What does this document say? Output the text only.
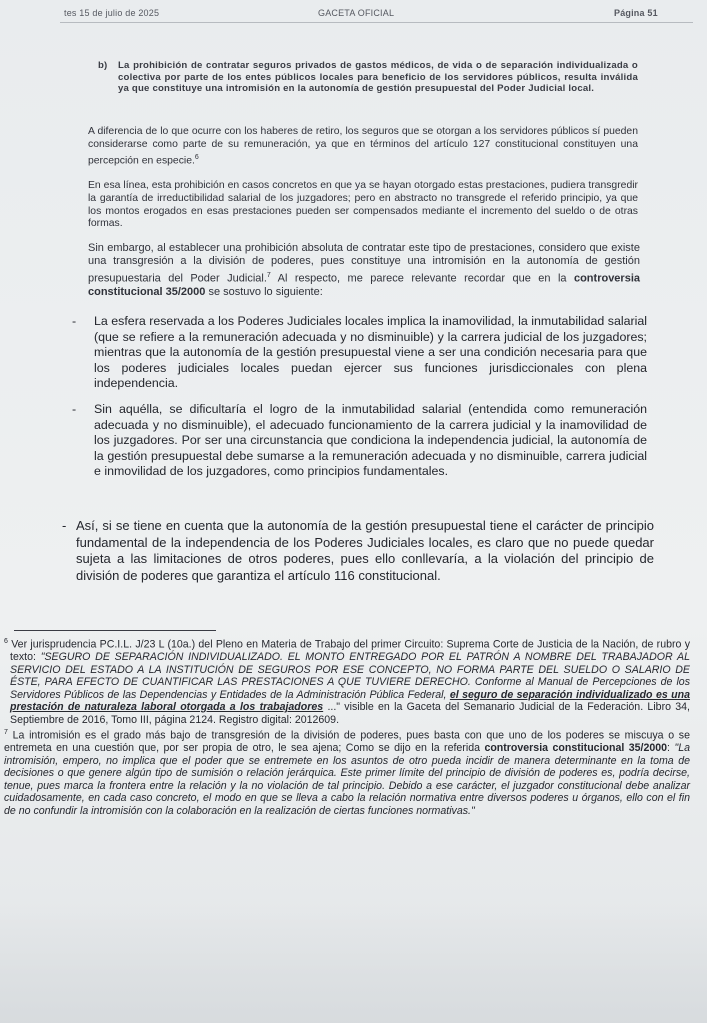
tes 15 de julio de 2025	GACETA OFICIAL	Página 51
b) La prohibición de contratar seguros privados de gastos médicos, de vida o de separación individualizada o colectiva por parte de los entes públicos locales para beneficio de los servidores públicos, resulta inválida ya que constituye una intromisión en la autonomía de gestión presupuestal del Poder Judicial local.
A diferencia de lo que ocurre con los haberes de retiro, los seguros que se otorgan a los servidores públicos sí pueden considerarse como parte de su remuneración, ya que en términos del artículo 127 constitucional constituyen una percepción en especie.$^6$
En esa línea, esta prohibición en casos concretos en que ya se hayan otorgado estas prestaciones, pudiera transgredir la garantía de irreductibilidad salarial de los juzgadores; pero en abstracto no transgrede el referido principio, ya que los montos erogados en esas prestaciones pueden ser compensados mediante el incremento del sueldo o de otras formas.
Sin embargo, al establecer una prohibición absoluta de contratar este tipo de prestaciones, considero que existe una transgresión a la división de poderes, pues constituye una intromisión en la autonomía de gestión presupuestaria del Poder Judicial.$^7$ Al respecto, me parece relevante recordar que en la controversia constitucional 35/2000 se sostuvo lo siguiente:
- La esfera reservada a los Poderes Judiciales locales implica la inamovilidad, la inmutabilidad salarial (que se refiere a la remuneración adecuada y no disminuible) y la carrera judicial de los juzgadores; mientras que la autonomía de la gestión presupuestal viene a ser una condición necesaria para que los poderes judiciales locales puedan ejercer sus funciones jurisdiccionales con plena independencia.
- Sin aquélla, se dificultaría el logro de la inmutabilidad salarial (entendida como remuneración adecuada y no disminuible), el adecuado funcionamiento de la carrera judicial y la inamovilidad de los juzgadores. Por ser una circunstancia que condiciona la independencia judicial, la autonomía de la gestión presupuestal debe sumarse a la remuneración adecuada y no disminuible, carrera judicial e inmovilidad de los juzgadores, como principios fundamentales.
- Así, si se tiene en cuenta que la autonomía de la gestión presupuestal tiene el carácter de principio fundamental de la independencia de los Poderes Judiciales locales, es claro que no puede quedar sujeta a las limitaciones de otros poderes, pues ello conllevaría, a la violación del principio de división de poderes que garantiza el artículo 116 constitucional.

$^6$ Ver jurisprudencia PC.I.L. J/23 L (10a.) del Pleno en Materia de Trabajo del primer Circuito: Suprema Corte de Justicia de la Nación, de rubro y texto: "SEGURO DE SEPARACIÓN INDIVIDUALIZADO. EL MONTO ENTREGADO POR EL PATRÓN A NOMBRE DEL TRABAJADOR AL SERVICIO DEL ESTADO A LA INSTITUCIÓN DE SEGUROS POR ESE CONCEPTO, NO FORMA PARTE DEL SUELDO O SALARIO DE ÉSTE, PARA EFECTO DE CUANTIFICAR LAS PRESTACIONES A QUE TUVIERE DERECHO. Conforme al Manual de Percepciones de los Servidores Públicos de las Dependencias y Entidades de la Administración Pública Federal, el seguro de separación individualizado es una prestación de naturaleza laboral otorgada a los trabajadores ..." visible en la Gaceta del Semanario Judicial de la Federación. Libro 34, Septiembre de 2016, Tomo III, página 2124. Registro digital: 2012609.

$^7$ La intromisión es el grado más bajo de transgresión de la división de poderes, pues basta con que uno de los poderes se miscuya o se entremeta en una cuestión que, por ser propia de otro, le sea ajena; Como se dijo en la referida controversia constitucional 35/2000: "La intromisión, empero, no implica que el poder que se entremete en los asuntos de otro pueda incidir de manera determinante en la toma de decisiones o que genere algún tipo de sumisión o relación jerárquica. Este primer límite del principio de división de poderes es, podría decirse, tenue, pues marca la frontera entre la relación y la no violación de tal principio. Debido a ese carácter, el juzgador constitucional debe analizar cuidadosamente, en cada caso concreto, el modo en que se lleva a cabo la relación normativa entre diversos poderes u órganos, ello con el fin de no confundir la intromisión con la colaboración en la realización de ciertas funciones normativas."
